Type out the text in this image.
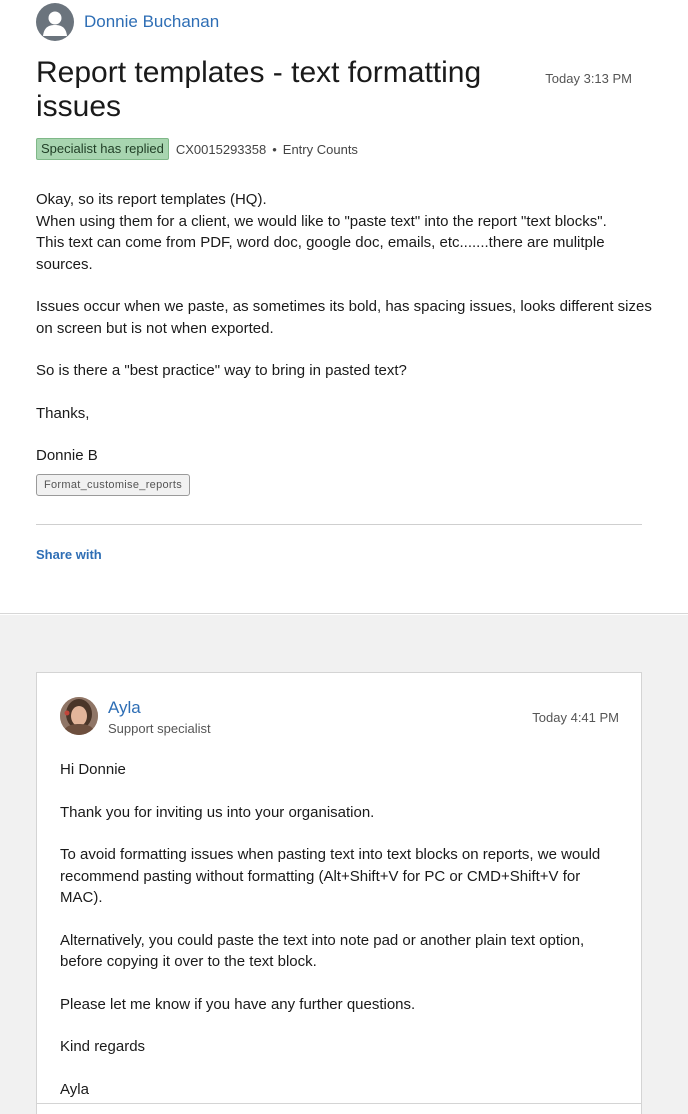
Donnie Buchanan
Report templates - text formatting issues
Today 3:13 PM
Specialist has replied CX0015293358 • Entry Counts

Okay, so its report templates (HQ).
When using them for a client, we would like to "paste text" into the report "text blocks".
This text can come from PDF, word doc, google doc, emails, etc.......there are mulitple sources.

Issues occur when we paste, as sometimes its bold, has spacing issues, looks different sizes on screen but is not when exported.

So is there a "best practice" way to bring in pasted text?

Thanks,

Donnie B

Format_customise_reports
Share with
Ayla
Support specialist
Today 4:41 PM

Hi Donnie

Thank you for inviting us into your organisation.

To avoid formatting issues when pasting text into text blocks on reports, we would recommend pasting without formatting (Alt+Shift+V for PC or CMD+Shift+V for MAC).

Alternatively, you could paste the text into note pad or another plain text option, before copying it over to the text block.

Please let me know if you have any further questions.

Kind regards

Ayla
